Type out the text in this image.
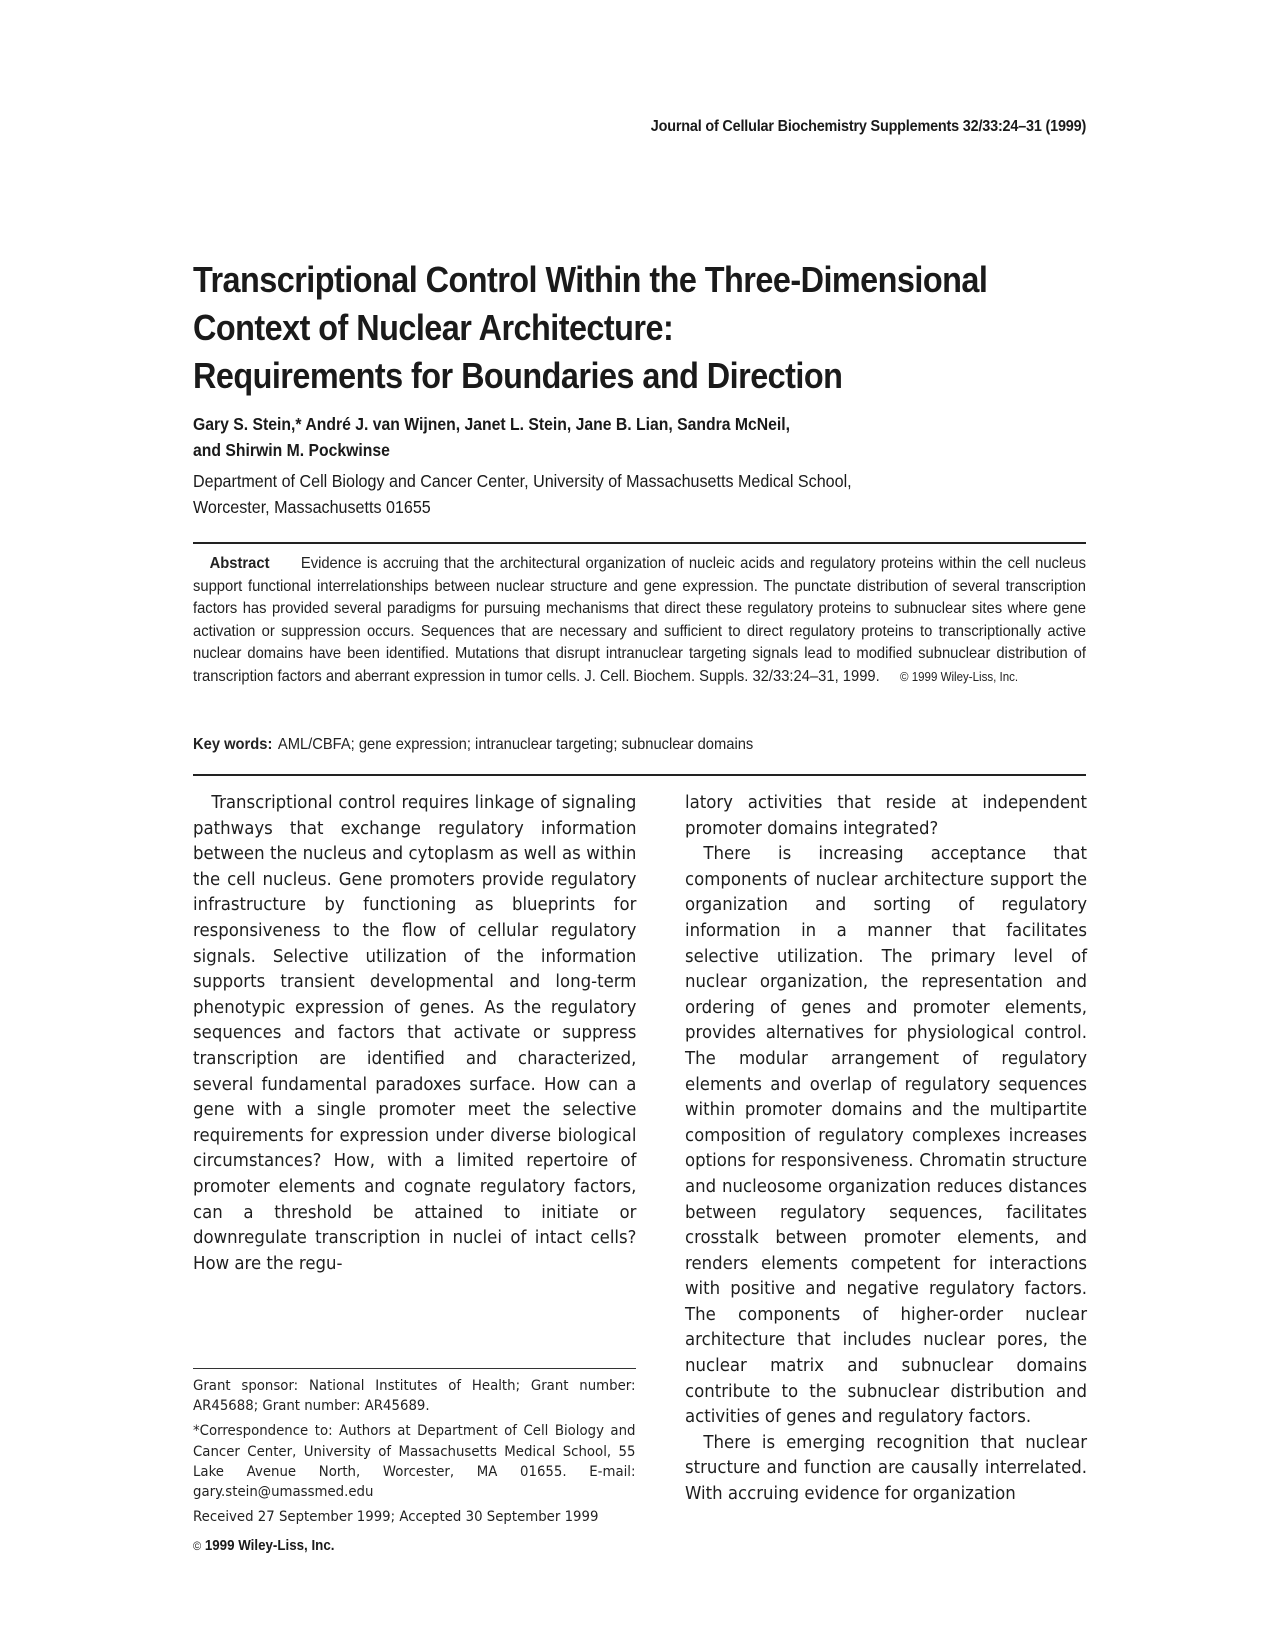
Journal of Cellular Biochemistry Supplements 32/33:24–31 (1999)
Transcriptional Control Within the Three-Dimensional
Context of Nuclear Architecture:
Requirements for Boundaries and Direction
Gary S. Stein,* André J. van Wijnen, Janet L. Stein, Jane B. Lian, Sandra McNeil,
and Shirwin M. Pockwinse
Department of Cell Biology and Cancer Center, University of Massachusetts Medical School,
Worcester, Massachusetts 01655
Abstract Evidence is accruing that the architectural organization of nucleic acids and regulatory proteins within the cell nucleus support functional interrelationships between nuclear structure and gene expression. The punctate distribution of several transcription factors has provided several paradigms for pursuing mechanisms that direct these regulatory proteins to subnuclear sites where gene activation or suppression occurs. Sequences that are necessary and sufficient to direct regulatory proteins to transcriptionally active nuclear domains have been identified. Mutations that disrupt intranuclear targeting signals lead to modified subnuclear distribution of transcription factors and aberrant expression in tumor cells. J. Cell. Biochem. Suppls. 32/33:24–31, 1999. © 1999 Wiley-Liss, Inc.
Key words: AML/CBFA; gene expression; intranuclear targeting; subnuclear domains

Transcriptional control requires linkage of signaling pathways that exchange regulatory information between the nucleus and cytoplasm as well as within the cell nucleus. Gene promoters provide regulatory infrastructure by functioning as blueprints for responsiveness to the flow of cellular regulatory signals. Selective utilization of the information supports transient developmental and long-term phenotypic expression of genes. As the regulatory sequences and factors that activate or suppress transcription are identified and characterized, several fundamental paradoxes surface. How can a gene with a single promoter meet the selective requirements for expression under diverse biological circumstances? How, with a limited repertoire of promoter elements and cognate regulatory factors, can a threshold be attained to initiate or downregulate transcription in nuclei of intact cells? How are the regu-

latory activities that reside at independent promoter domains integrated?

There is increasing acceptance that components of nuclear architecture support the organization and sorting of regulatory information in a manner that facilitates selective utilization. The primary level of nuclear organization, the representation and ordering of genes and promoter elements, provides alternatives for physiological control. The modular arrangement of regulatory elements and overlap of regulatory sequences within promoter domains and the multipartite composition of regulatory complexes increases options for responsiveness. Chromatin structure and nucleosome organization reduces distances between regulatory sequences, facilitates crosstalk between promoter elements, and renders elements competent for interactions with positive and negative regulatory factors. The components of higher-order nuclear architecture that includes nuclear pores, the nuclear matrix and subnuclear domains contribute to the subnuclear distribution and activities of genes and regulatory factors.

There is emerging recognition that nuclear structure and function are causally interrelated. With accruing evidence for organization

Grant sponsor: National Institutes of Health; Grant number: AR45688; Grant number: AR45689.

*Correspondence to: Authors at Department of Cell Biology and Cancer Center, University of Massachusetts Medical School, 55 Lake Avenue North, Worcester, MA 01655. E-mail: gary.stein@umassmed.edu

Received 27 September 1999; Accepted 30 September 1999

© 1999 Wiley-Liss, Inc.
